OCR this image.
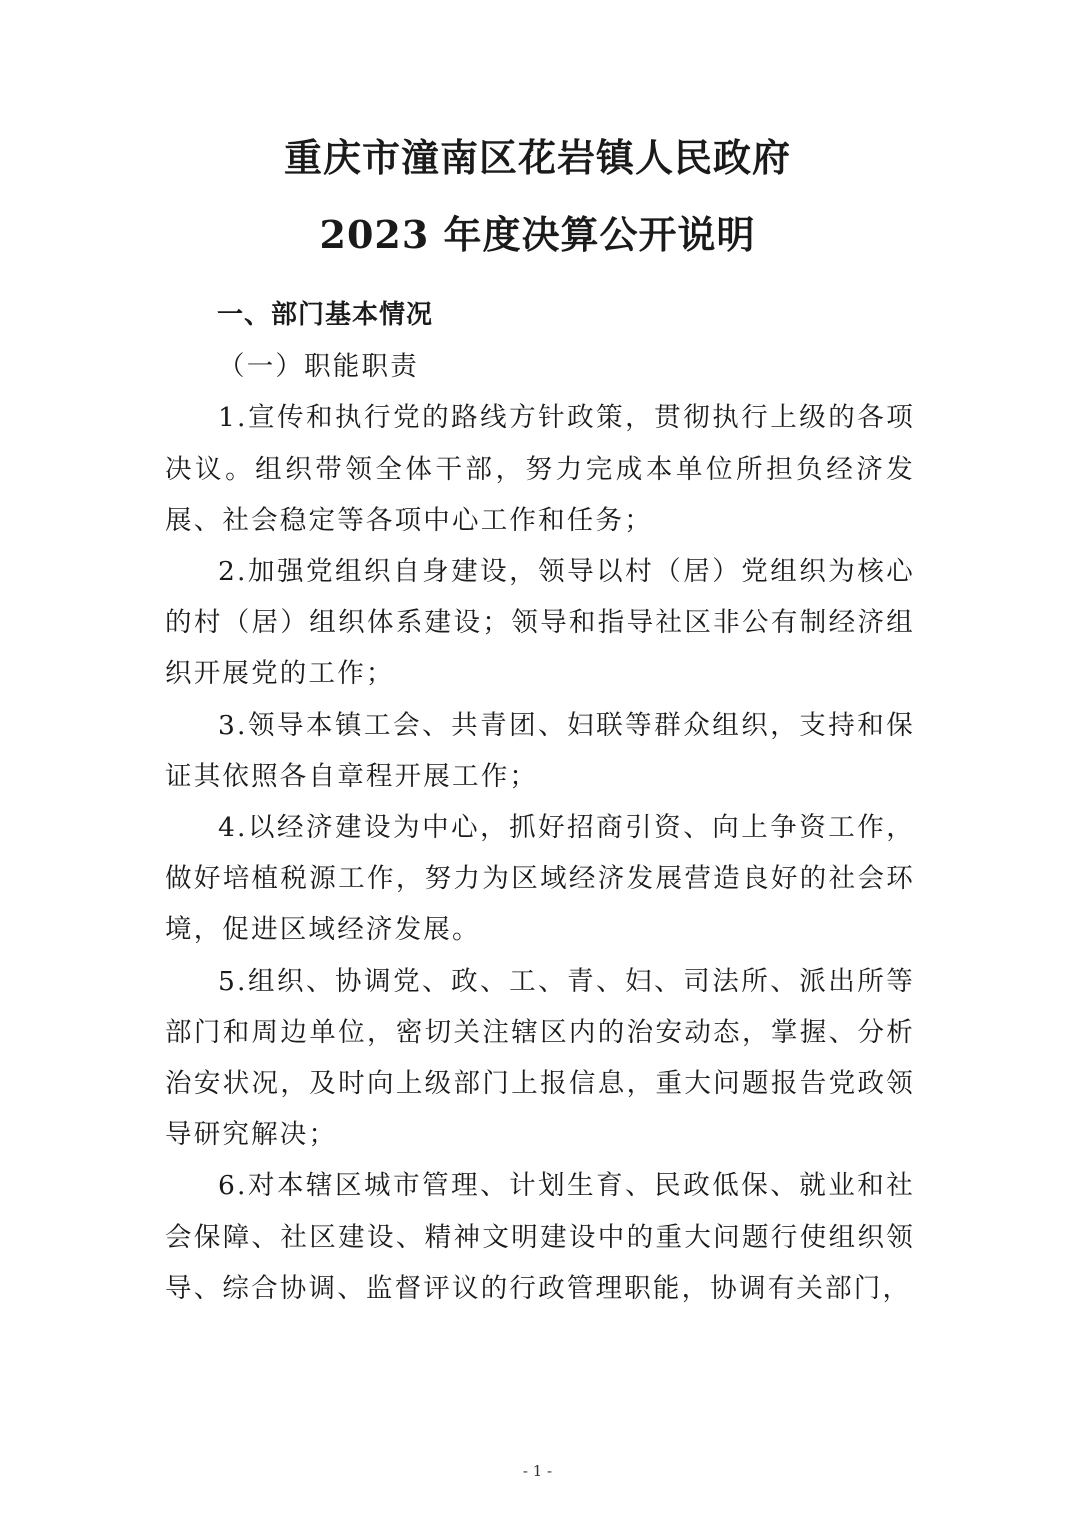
重庆市潼南区花岩镇人民政府
2023 年度决算公开说明

一、部门基本情况

（一）职能职责

1.宣传和执行党的路线方针政策，贯彻执行上级的各项决议。组织带领全体干部，努力完成本单位所担负经济发展、社会稳定等各项中心工作和任务；

2.加强党组织自身建设，领导以村（居）党组织为核心的村（居）组织体系建设；领导和指导社区非公有制经济组织开展党的工作；

3.领导本镇工会、共青团、妇联等群众组织，支持和保证其依照各自章程开展工作；

4.以经济建设为中心，抓好招商引资、向上争资工作，做好培植税源工作，努力为区域经济发展营造良好的社会环境，促进区域经济发展。

5.组织、协调党、政、工、青、妇、司法所、派出所等部门和周边单位，密切关注辖区内的治安动态，掌握、分析治安状况，及时向上级部门上报信息，重大问题报告党政领导研究解决；

6.对本辖区城市管理、计划生育、民政低保、就业和社会保障、社区建设、精神文明建设中的重大问题行使组织领导、综合协调、监督评议的行政管理职能，协调有关部门，

- 1 -
